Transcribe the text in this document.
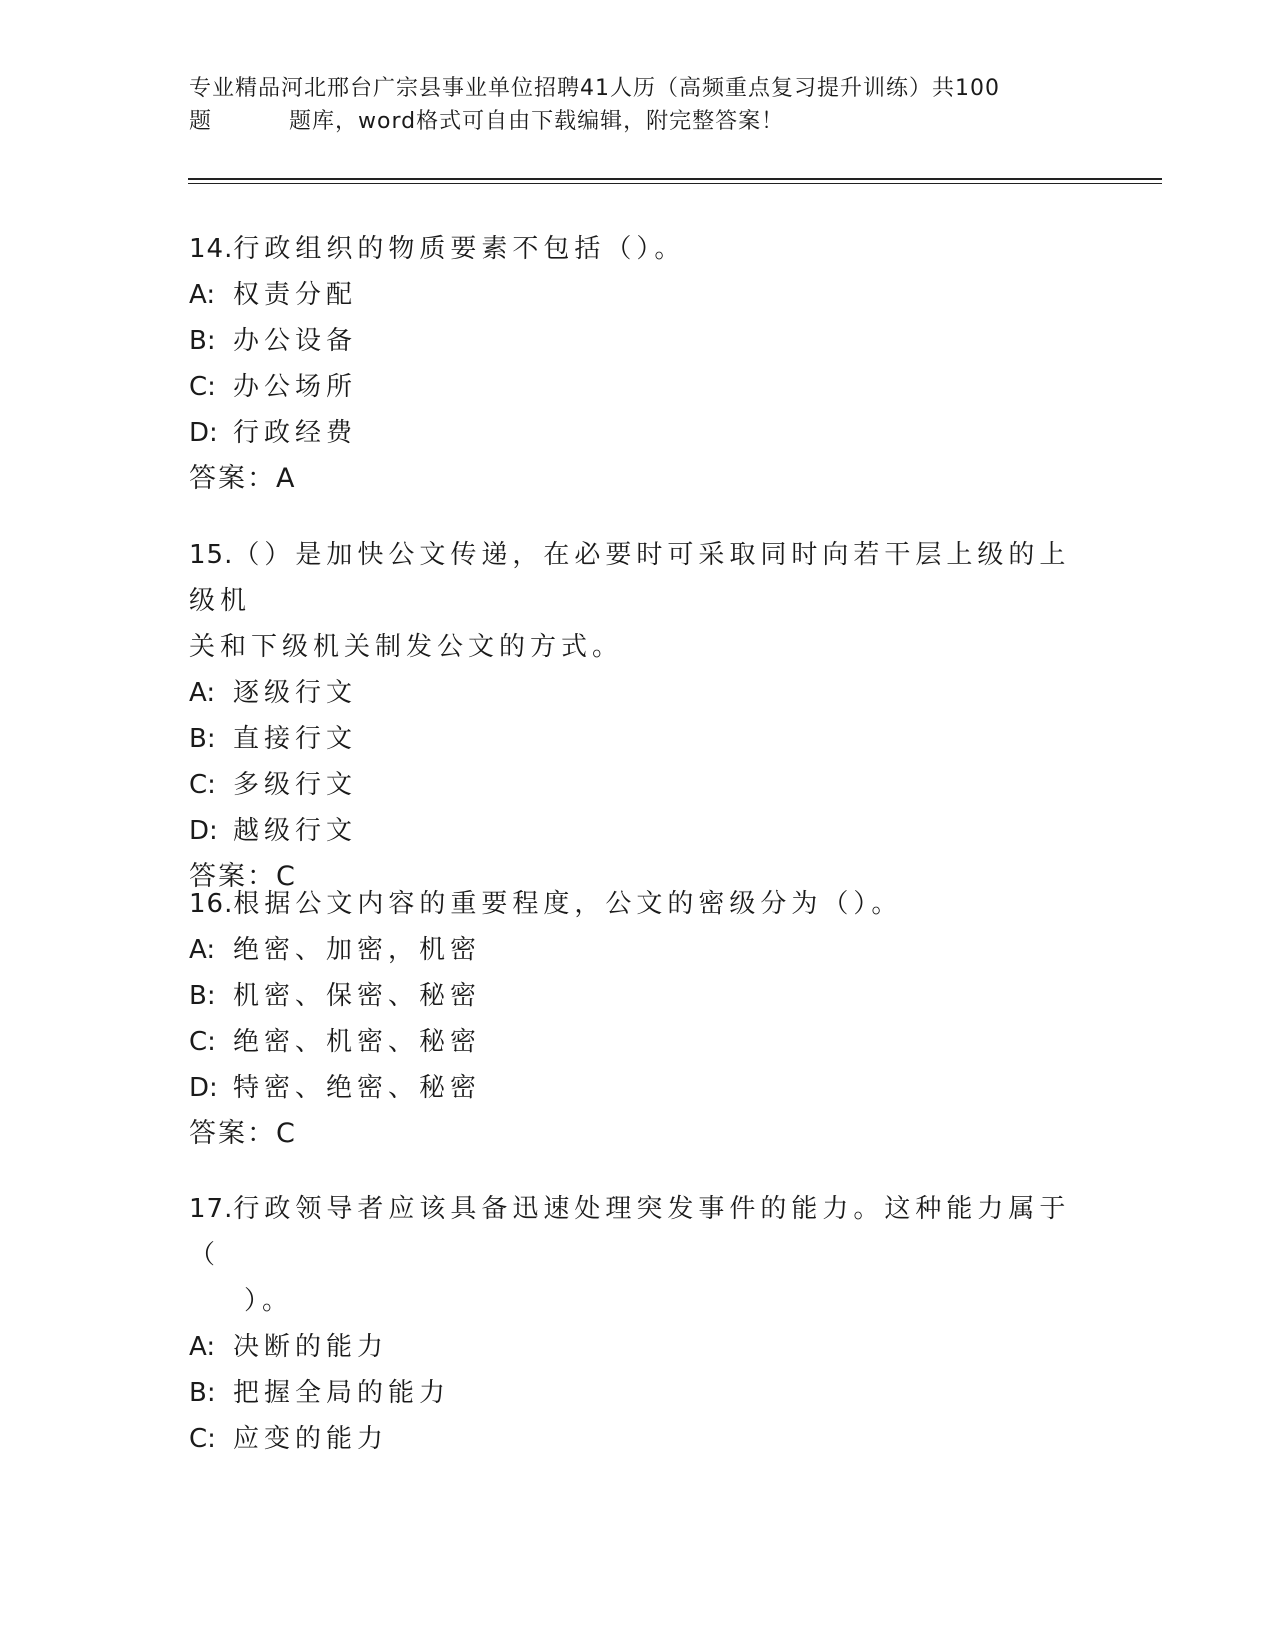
专业精品河北邢台广宗县事业单位招聘41人历（高频重点复习提升训练）共100
题	题库，word格式可自由下载编辑，附完整答案！

14.行政组织的物质要素不包括（）。

A: 权责分配

B: 办公设备

C: 办公场所

D: 行政经费

答案：A

15.（）是加快公文传递，在必要时可采取同时向若干层上级的上级机

关和下级机关制发公文的方式。

A: 逐级行文

B: 直接行文

C: 多级行文

D: 越级行文

答案：C

16.根据公文内容的重要程度，公文的密级分为（）。

A: 绝密、加密，机密

B: 机密、保密、秘密

C: 绝密、机密、秘密

D: 特密、绝密、秘密

答案：C

17.行政领导者应该具备迅速处理突发事件的能力。这种能力属于（

）。

A: 决断的能力

B: 把握全局的能力

C: 应变的能力
